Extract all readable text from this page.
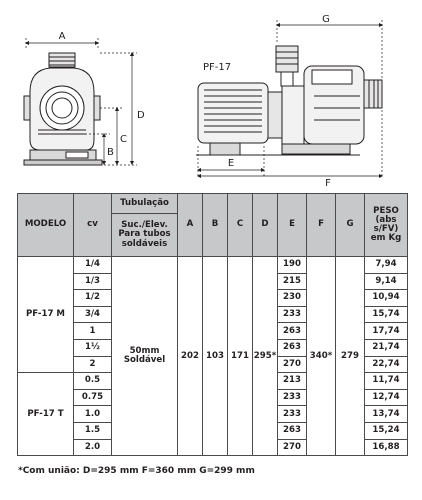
A
D
C
B
PF-17
G
E
F
MODELO	cv	Tubulação	A	B	C	D	E	F	G	PESO (abs s/FV) em Kg
		Suc./Elev. Para tubos soldáveis								
PF-17 M	1/4	50mm Soldável	202	103	171	295*	190	340*	279	7,94
	1/3						215			9,14
	1/2						230			10,94
	3/4						233			15,74
	1						263			17,74
	1½						263			21,74
	2						270			22,74
PF-17 T	0.5						213			11,74
	0.75						233			12,74
	1.0						233			13,74
	1.5						263			15,24
	2.0						270			16,88
*Com união: D=295 mm F=360 mm G=299 mm
